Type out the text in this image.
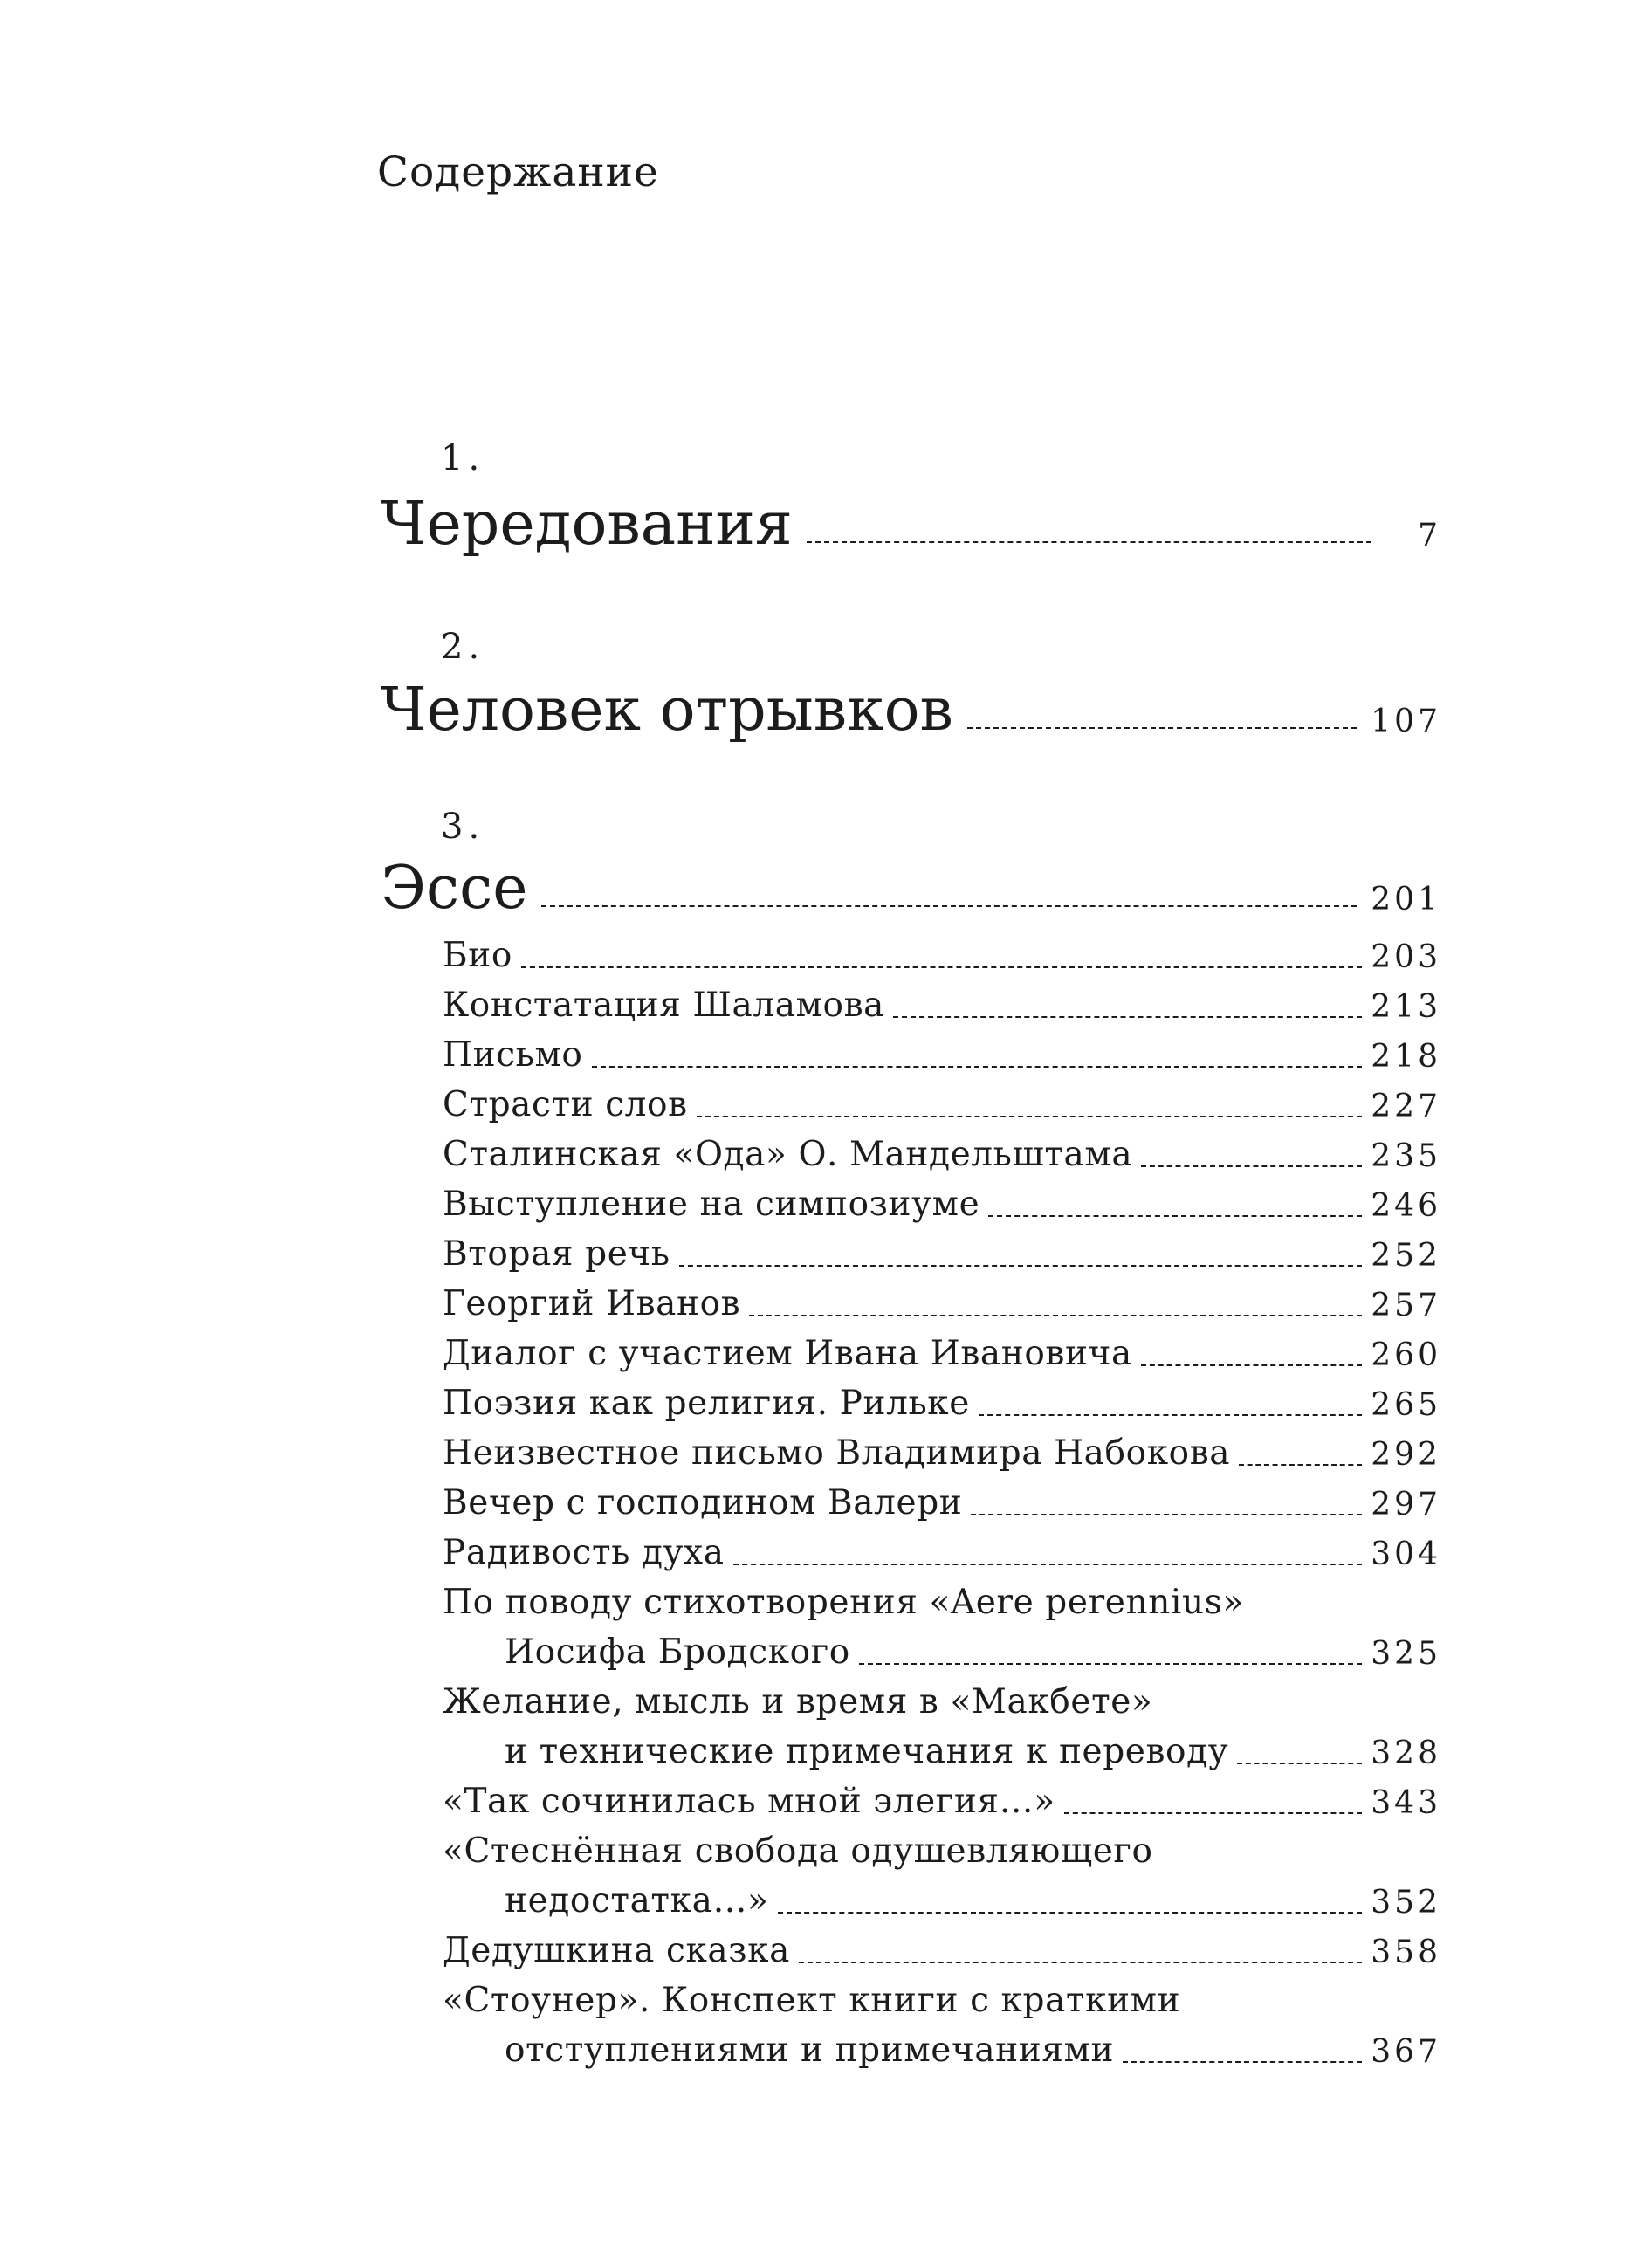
Содержание
1.
Чередования	7
2.
Человек отрывков	107
3.
Эссе	201
Био	203
Констатация Шаламова	213
Письмо	218
Страсти слов	227
Сталинская «Ода» О. Мандельштама	235
Выступление на симпозиуме	246
Вторая речь	252
Георгий Иванов	257
Диалог с участием Ивана Ивановича	260
Поэзия как религия. Рильке	265
Неизвестное письмо Владимира Набокова	292
Вечер с господином Валери	297
Радивость духа	304
По поводу стихотворения «Aere perennius»
Иосифа Бродского	325
Желание, мысль и время в «Макбете»
и технические примечания к переводу	328
«Так сочинилась мной элегия…»	343
«Стеснённая свобода одушевляющего
недостатка…»	352
Дедушкина сказка	358
«Стоунер». Конспект книги с краткими
отступлениями и примечаниями	367
